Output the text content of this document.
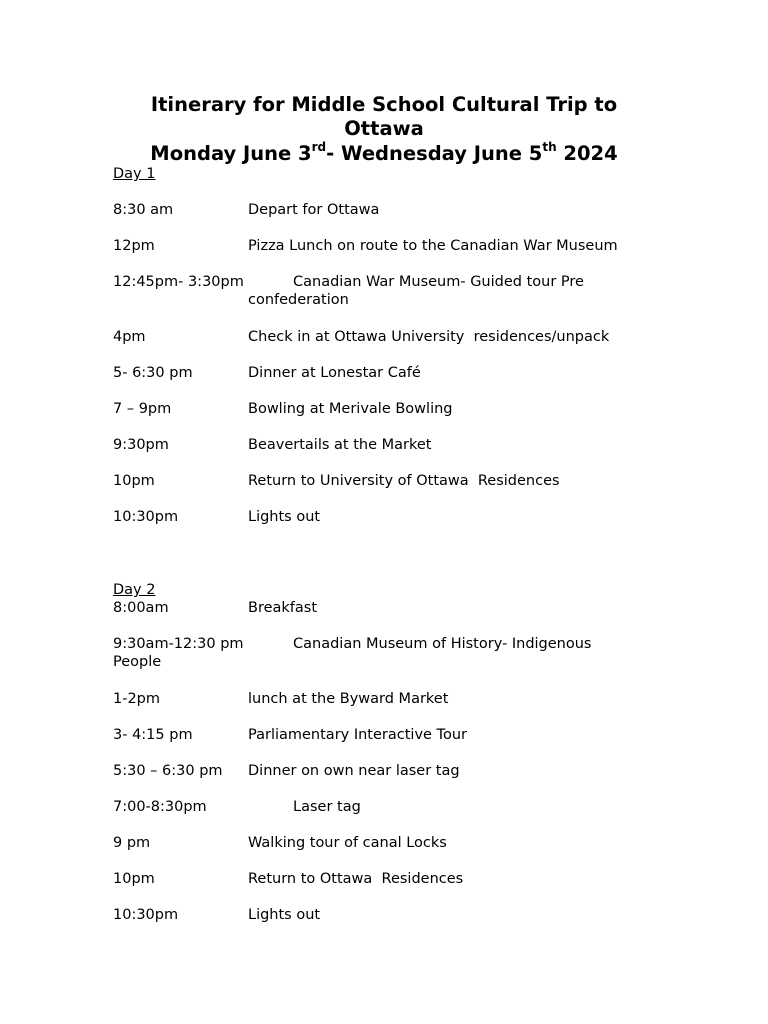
Itinerary for Middle School Cultural Trip to Ottawa
Monday June 3rd- Wednesday June 5th 2024

Day 1

8:30 am	Depart for Ottawa
12pm	Pizza Lunch on route to the Canadian War Museum
12:45pm- 3:30pm	Canadian War Museum- Guided tour Pre
confederation
4pm	Check in at Ottawa University  residences/unpack
5- 6:30 pm	Dinner at Lonestar Café
7 – 9pm	Bowling at Merivale Bowling
9:30pm	Beavertails at the Market
10pm	Return to University of Ottawa  Residences
10:30pm	Lights out

Day 2

8:00am	Breakfast
9:30am-12:30 pm	Canadian Museum of History- Indigenous
People
1-2pm	lunch at the Byward Market
3- 4:15 pm	Parliamentary Interactive Tour
5:30 – 6:30 pm Dinner on own near laser tag
7:00-8:30pm	Laser tag
9 pm	Walking tour of canal Locks
10pm	Return to Ottawa  Residences
10:30pm	Lights out
